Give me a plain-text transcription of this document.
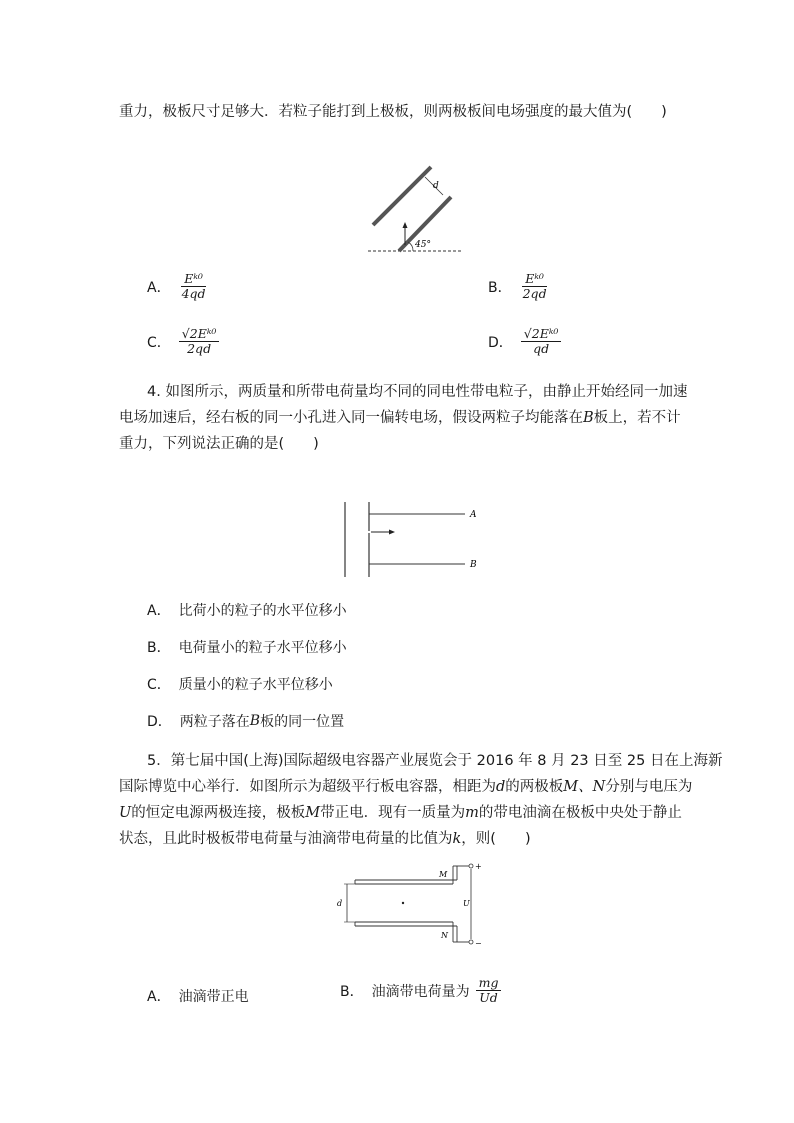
重力，极板尺寸足够大．若粒子能打到上极板，则两极板间电场强度的最大值为(　　)
d
45°
A． $\frac{\text{Eᵏ⁰}}{4qd}$	B． $\frac{\text{Eᵏ⁰}}{2qd}$
C． $\frac{\text{√2Eᵏ⁰}}{2qd}$	D． $\frac{\text{√2Eᵏ⁰}}{qd}$
4. 如图所示，两质量和所带电荷量均不同的同电性带电粒子，由静止开始经同一加速
电场加速后，经右板的同一小孔进入同一偏转电场，假设两粒子均能落在B板上，若不计
重力，下列说法正确的是(　　)
A
B
A． 比荷小的粒子的水平位移小
B． 电荷量小的粒子水平位移小
C． 质量小的粒子水平位移小
D． 两粒子落在 B 板的同一位置
5．第七届中国(上海)国际超级电容器产业展览会于 2016 年 8 月 23 日至 25 日在上海新
国际博览中心举行．如图所示为超级平行板电容器，相距为d的两极板M、N分别与电压为
U的恒定电源两极连接，极板M带正电．现有一质量为m的带电油滴在极板中央处于静止
状态，且此时极板带电荷量与油滴带电荷量的比值为k，则(　　)
M
N
d	U
+
−
A． 油滴带正电	B． 油滴带电荷量为 $\frac{mg}{Ud}$
